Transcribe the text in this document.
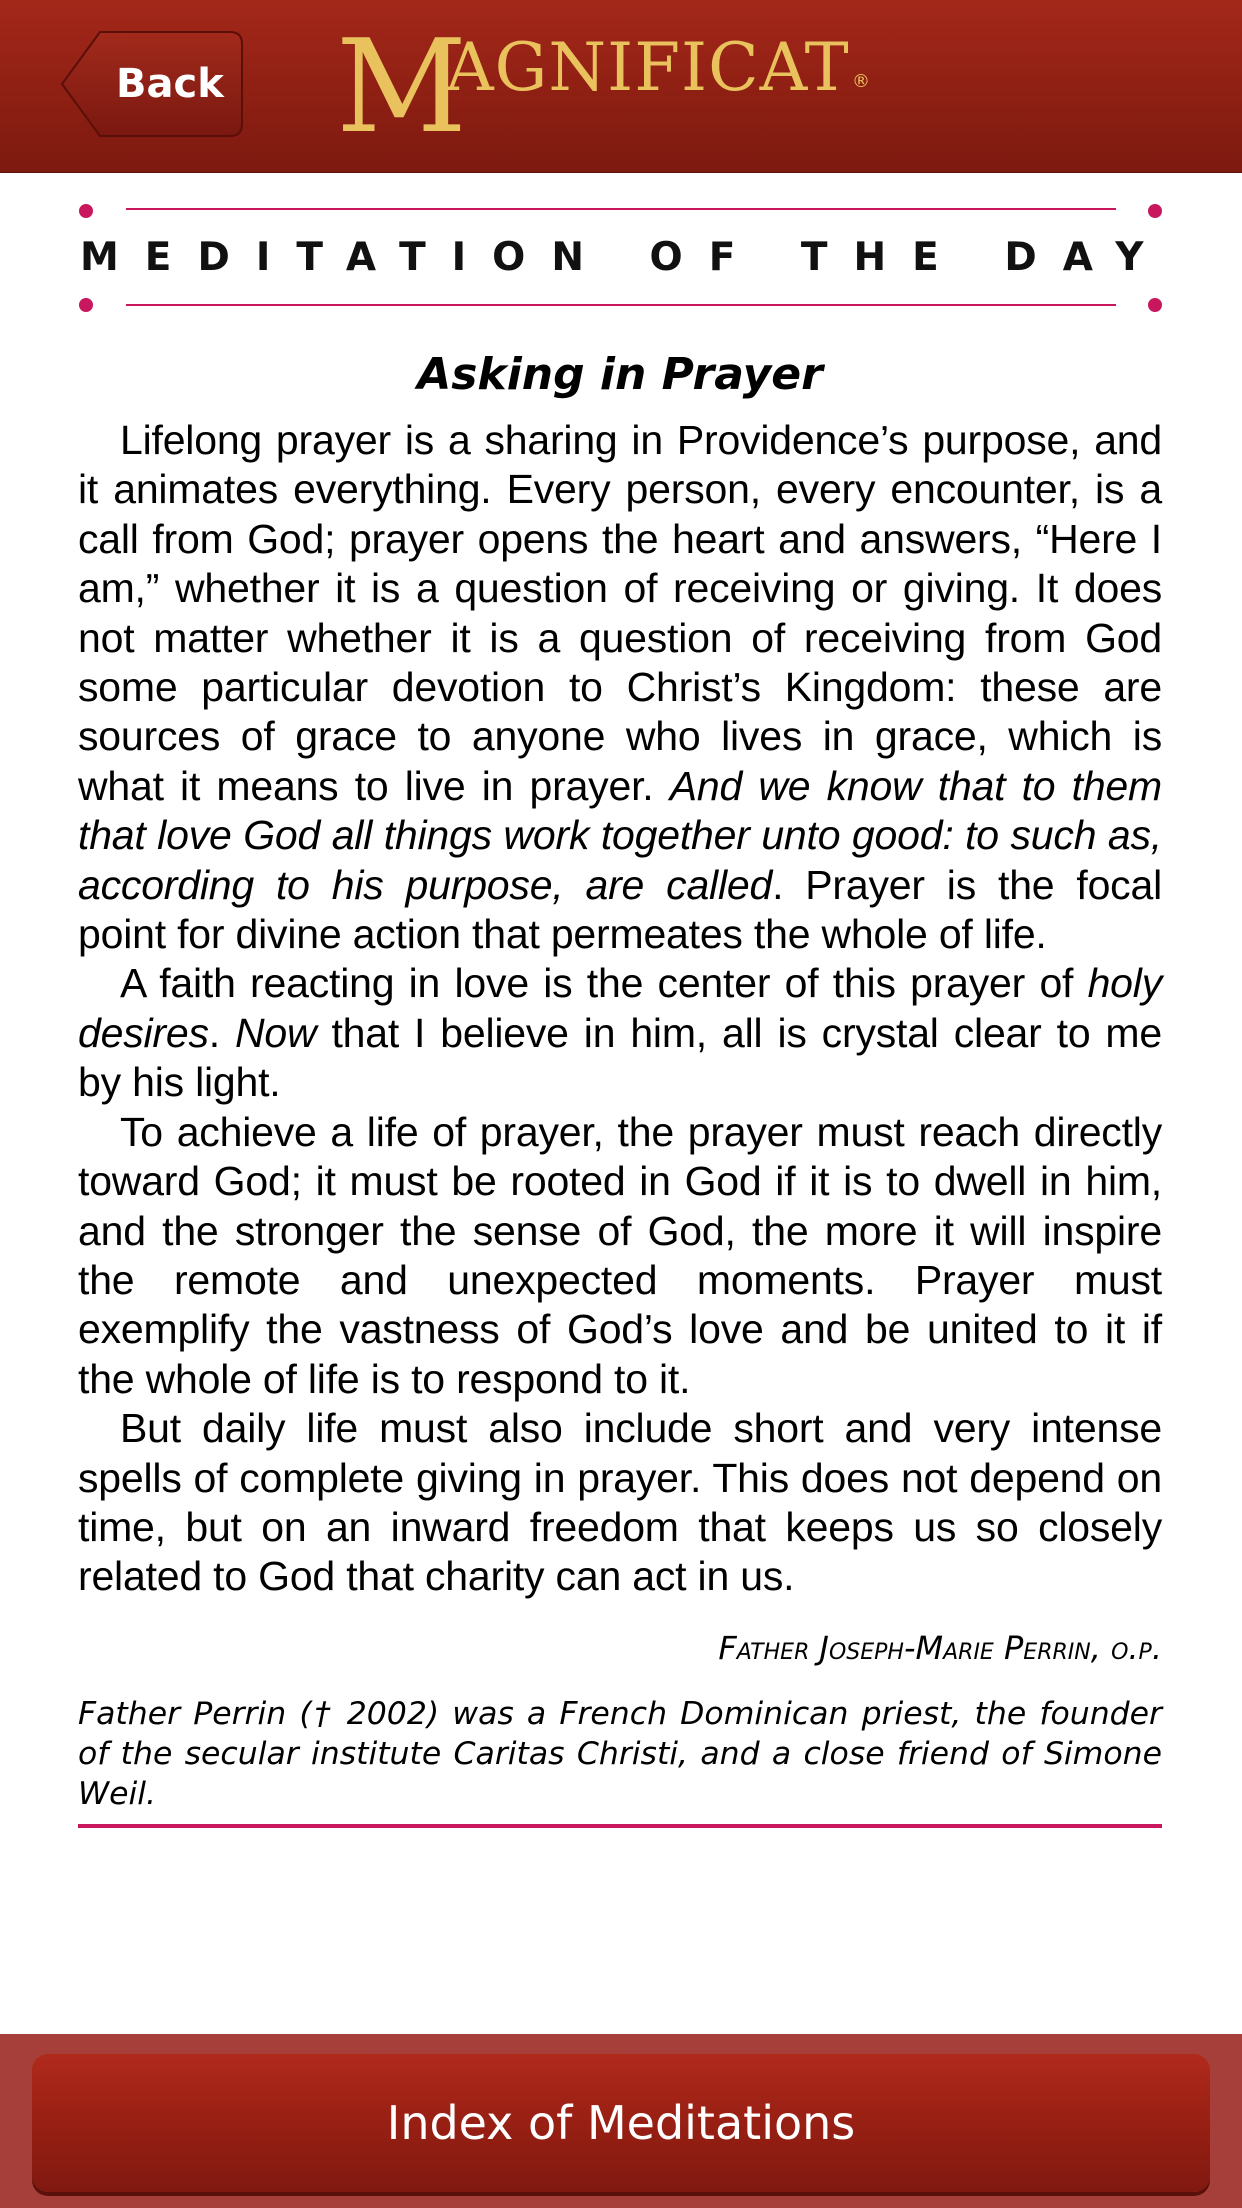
Back M
AGNIFICAT ®
MEDITATION OF THE DAY
Asking in Prayer

Lifelong prayer is a sharing in Providence’s purpose, and it animates everything. Every person, every encounter, is a call from God; prayer opens the heart and answers, “Here I am,” whether it is a question of receiving or giving. It does not matter whether it is a question of receiving from God some particular devotion to Christ’s Kingdom: these are sources of grace to anyone who lives in grace, which is what it means to live in prayer. And we know that to them that love God all things work together unto good: to such as, according to his purpose, are called. Prayer is the focal point for divine action that permeates the whole of life.

A faith reacting in love is the center of this prayer of holy desires. Now that I believe in him, all is crystal clear to me by his light.

To achieve a life of prayer, the prayer must reach directly toward God; it must be rooted in God if it is to dwell in him, and the stronger the sense of God, the more it will inspire the remote and unexpected moments. Prayer must exemplify the vastness of God’s love and be united to it if the whole of life is to respond to it.

But daily life must also include short and very intense spells of complete giving in prayer. This does not depend on time, but on an inward freedom that keeps us so closely related to God that charity can act in us.

Father Joseph-Marie Perrin, o.p.

Father Perrin († 2002) was a French Dominican priest, the founder of the secular institute Caritas Christi, and a close friend of Simone Weil.

Index of Meditations
